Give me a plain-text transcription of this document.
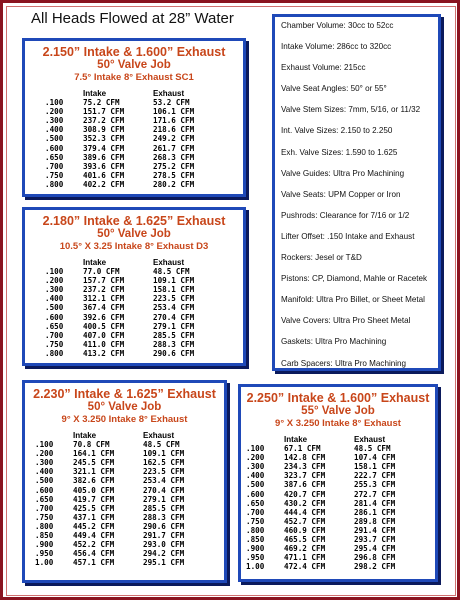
All Heads Flowed at 28” Water
2.150” Intake & 1.600” Exhaust
50° Valve Job
7.5° Intake 8° Exhaust SC1
	Intake	Exhaust
.100	75.2 CFM	53.2 CFM
.200	151.7 CFM	106.1 CFM
.300	237.2 CFM	171.6 CFM
.400	308.9 CFM	218.6 CFM
.500	352.3 CFM	249.2 CFM
.600	379.4 CFM	261.7 CFM
.650	389.6 CFM	268.3 CFM
.700	393.6 CFM	275.2 CFM
.750	401.6 CFM	278.5 CFM
.800	402.2 CFM	280.2 CFM
2.180” Intake & 1.625” Exhaust
50° Valve Job
10.5° X 3.25 Intake 8° Exhaust D3
	Intake	Exhaust
.100	77.0 CFM	48.5 CFM
.200	157.7 CFM	109.1 CFM
.300	237.2 CFM	158.1 CFM
.400	312.1 CFM	223.5 CFM
.500	367.4 CFM	253.4 CFM
.600	392.6 CFM	270.4 CFM
.650	400.5 CFM	279.1 CFM
.700	407.0 CFM	285.5 CFM
.750	411.0 CFM	288.3 CFM
.800	413.2 CFM	290.6 CFM
2.230” Intake & 1.625” Exhaust
50° Valve Job
9° X 3.250 Intake 8° Exhaust
	Intake	Exhaust
.100	70.8 CFM	48.5 CFM
.200	164.1 CFM	109.1 CFM
.300	245.5 CFM	162.5 CFM
.400	321.1 CFM	223.5 CFM
.500	382.6 CFM	253.4 CFM
.600	405.0 CFM	270.4 CFM
.650	419.7 CFM	279.1 CFM
.700	425.5 CFM	285.5 CFM
.750	437.1 CFM	288.3 CFM
.800	445.2 CFM	290.6 CFM
.850	449.4 CFM	291.7 CFM
.900	452.2 CFM	293.0 CFM
.950	456.4 CFM	294.2 CFM
1.00	457.1 CFM	295.1 CFM
2.250” Intake & 1.600” Exhaust
55° Valve Job
9° X 3.250 Intake 8° Exhaust
	Intake	Exhaust
.100	67.1 CFM	48.5 CFM
.200	142.8 CFM	107.4 CFM
.300	234.3 CFM	158.1 CFM
.400	323.7 CFM	222.7 CFM
.500	387.6 CFM	255.3 CFM
.600	420.7 CFM	272.7 CFM
.650	430.2 CFM	281.4 CFM
.700	444.4 CFM	286.1 CFM
.750	452.7 CFM	289.8 CFM
.800	460.9 CFM	291.4 CFM
.850	465.5 CFM	293.7 CFM
.900	469.2 CFM	295.4 CFM
.950	471.1 CFM	296.8 CFM
1.00	472.4 CFM	298.2 CFM
Chamber Volume: 30cc to 52cc
Intake Volume: 286cc to 320cc
Exhaust Volume: 215cc
Valve Seat Angles: 50° or 55°
Valve Stem Sizes: 7mm, 5/16, or 11/32
Int. Valve Sizes: 2.150 to 2.250
Exh. Valve Sizes: 1.590 to 1.625
Valve Guides: Ultra Pro Machining
Valve Seats: UPM Copper or Iron
Pushrods: Clearance for 7/16 or 1/2
Lifter Offset: .150 Intake and Exhaust
Rockers: Jesel or T&D
Pistons: CP, Diamond, Mahle or Racetek
Manifold: Ultra Pro Billet, or Sheet Metal
Valve Covers: Ultra Pro Sheet Metal
Gaskets: Ultra Pro Machining
Carb Spacers: Ultra Pro Machining
